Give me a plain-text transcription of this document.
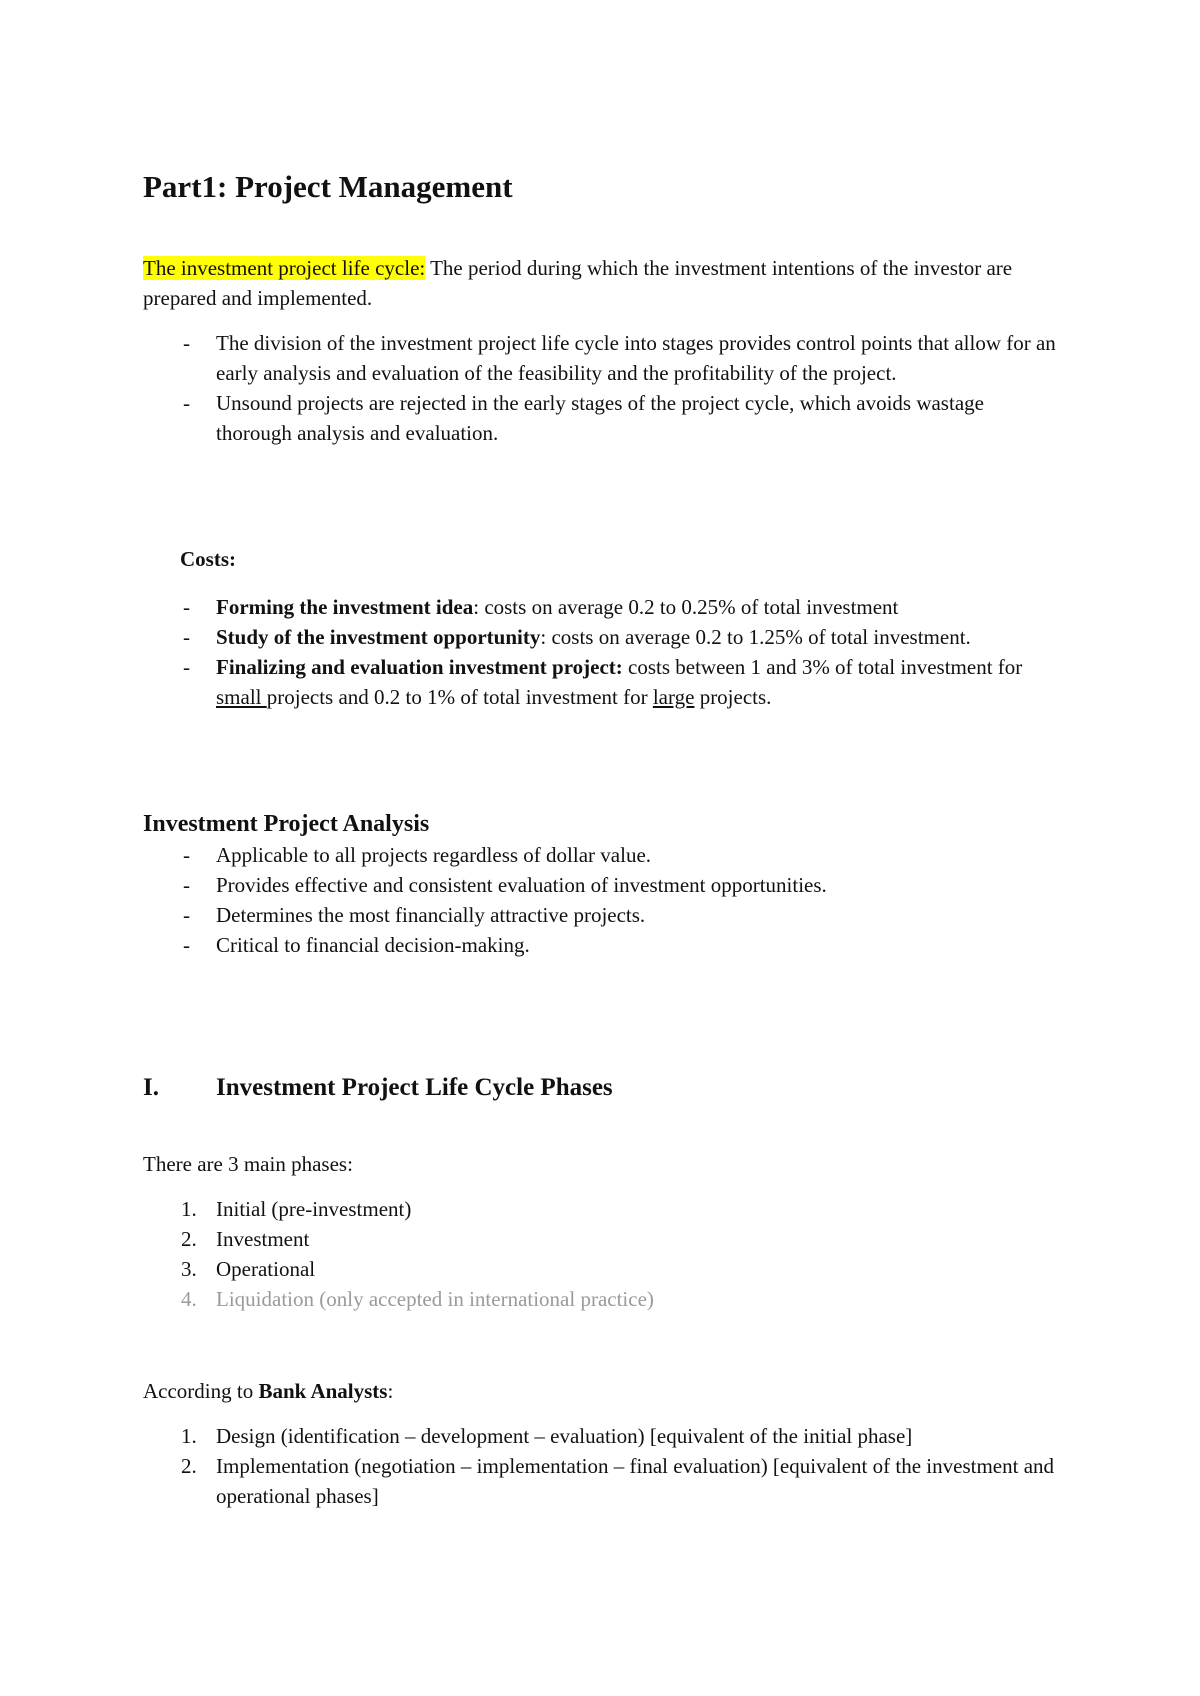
Part1: Project Management

The investment project life cycle: The period during which the investment intentions of the investor are prepared and implemented.

- The division of the investment project life cycle into stages provides control points that allow for an early analysis and evaluation of the feasibility and the profitability of the project.
- Unsound projects are rejected in the early stages of the project cycle, which avoids wastage thorough analysis and evaluation.

Costs:

- Forming the investment idea: costs on average 0.2 to 0.25% of total investment
- Study of the investment opportunity: costs on average 0.2 to 1.25% of total investment.
- Finalizing and evaluation investment project: costs between 1 and 3% of total investment for small projects and 0.2 to 1% of total investment for large projects.

Investment Project Analysis

- Applicable to all projects regardless of dollar value.
- Provides effective and consistent evaluation of investment opportunities.
- Determines the most financially attractive projects.
- Critical to financial decision-making.
I. Investment Project Life Cycle Phases

There are 3 main phases:

1. Initial (pre-investment)
2. Investment
3. Operational
4. Liquidation (only accepted in international practice)

According to Bank Analysts:

1. Design (identification – development – evaluation) [equivalent of the initial phase]
2. Implementation (negotiation – implementation – final evaluation) [equivalent of the investment and operational phases]
